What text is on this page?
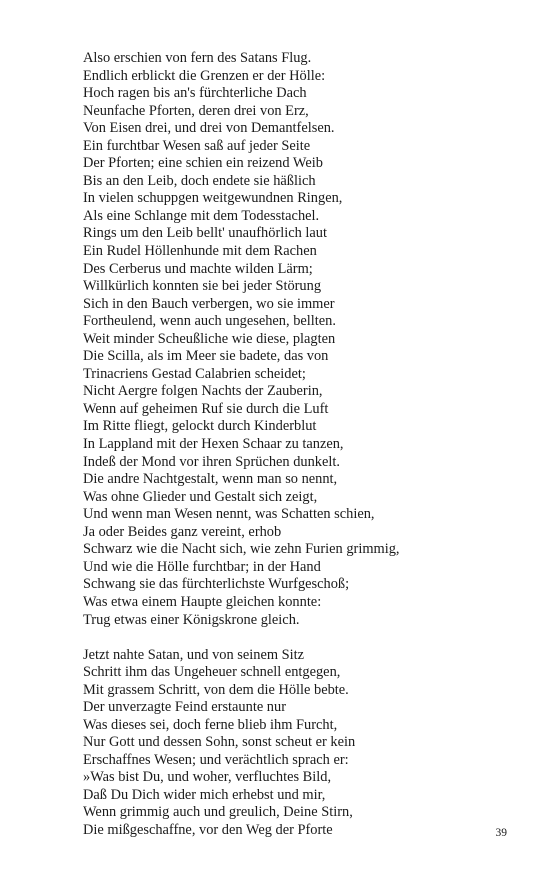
Also erschien von fern des Satans Flug.
Endlich erblickt die Grenzen er der Hölle:
Hoch ragen bis an's fürchterliche Dach
Neunfache Pforten, deren drei von Erz,
Von Eisen drei, und drei von Demantfelsen.
Ein furchtbar Wesen saß auf jeder Seite
Der Pforten; eine schien ein reizend Weib
Bis an den Leib, doch endete sie häßlich
In vielen schuppgen weitgewundnen Ringen,
Als eine Schlange mit dem Todesstachel.
Rings um den Leib bellt' unaufhörlich laut
Ein Rudel Höllenhunde mit dem Rachen
Des Cerberus und machte wilden Lärm;
Willkürlich konnten sie bei jeder Störung
Sich in den Bauch verbergen, wo sie immer
Fortheulend, wenn auch ungesehen, bellten.
Weit minder Scheußliche wie diese, plagten
Die Scilla, als im Meer sie badete, das von
Trinacriens Gestad Calabrien scheidet;
Nicht Aergre folgen Nachts der Zauberin,
Wenn auf geheimen Ruf sie durch die Luft
Im Ritte fliegt, gelockt durch Kinderblut
In Lappland mit der Hexen Schaar zu tanzen,
Indeß der Mond vor ihren Sprüchen dunkelt.
Die andre Nachtgestalt, wenn man so nennt,
Was ohne Glieder und Gestalt sich zeigt,
Und wenn man Wesen nennt, was Schatten schien,
Ja oder Beides ganz vereint, erhob
Schwarz wie die Nacht sich, wie zehn Furien grimmig,
Und wie die Hölle furchtbar; in der Hand
Schwang sie das fürchterlichste Wurfgeschoß;
Was etwa einem Haupte gleichen konnte:
Trug etwas einer Königskrone gleich.
Jetzt nahte Satan, und von seinem Sitz
Schritt ihm das Ungeheuer schnell entgegen,
Mit grassem Schritt, von dem die Hölle bebte.
Der unverzagte Feind erstaunte nur
Was dieses sei, doch ferne blieb ihm Furcht,
Nur Gott und dessen Sohn, sonst scheut er kein
Erschaffnes Wesen; und verächtlich sprach er:
»Was bist Du, und woher, verfluchtes Bild,
Daß Du Dich wider mich erhebst und mir,
Wenn grimmig auch und greulich, Deine Stirn,
Die mißgeschaffne, vor den Weg der Pforte	39
